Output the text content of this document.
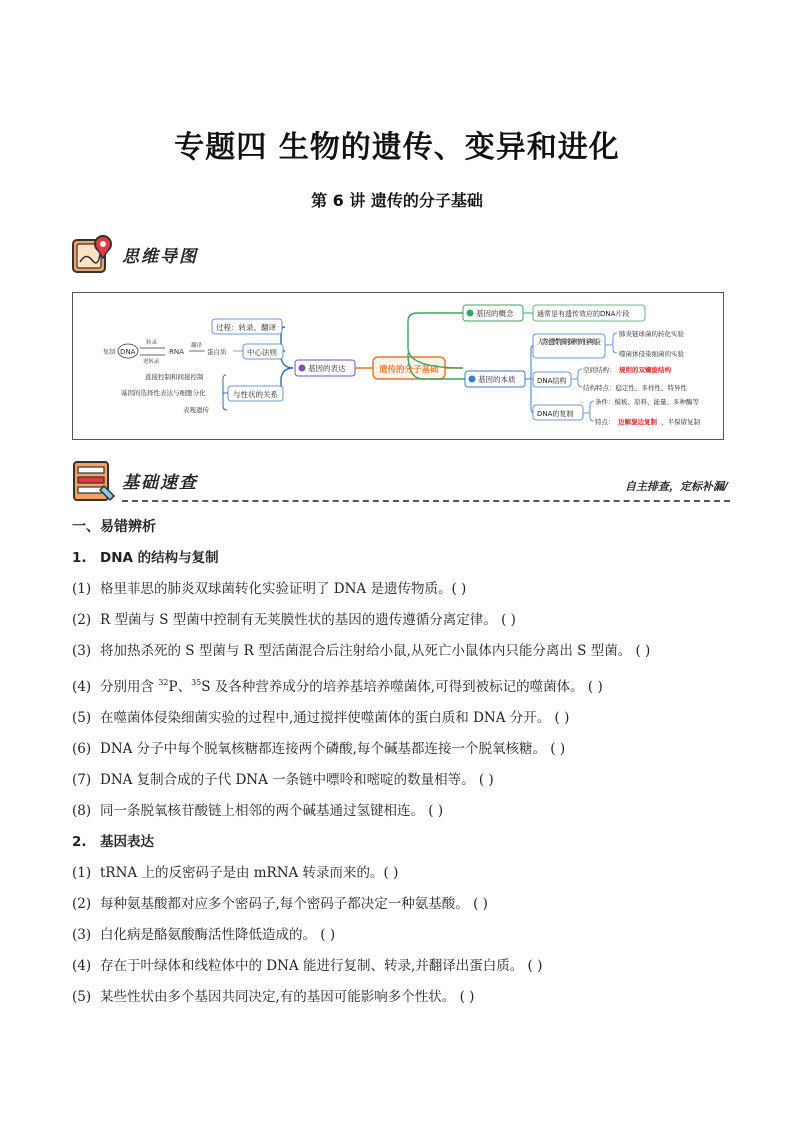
专题四 生物的遗传、变异和进化
第 6 讲 遗传的分子基础
思维导图
复制 DNA
转录
逆转录
RNA
翻译
蛋白质
过程：转录、翻译
中心法则
直接控制和间接控制
基因的选择性表达与细胞分化
表观遗传
与性状的关系
基因的表达	遗传的分子基础
基因的概念	通常是有遗传效应的DNA片段
基因的本质
人类对遗传物质的探索中的经典实验
肺炎链球菌的转化实验
噬菌体侵染细菌的实验
DNA结构
空间结构： 规则的双螺旋结构
结构特点：稳定性、多样性、特异性
DNA的复制
条件：模板、原料、能量、多种酶等
特点： 边解旋边复制 、半保留复制
基础速查	自主排查，定标补漏/
一、易错辨析
1. DNA 的结构与复制
(1) 格里菲思的肺炎双球菌转化实验证明了 DNA 是遗传物质。( )
(2) R 型菌与 S 型菌中控制有无荚膜性状的基因的遗传遵循分离定律。 ( )
(3) 将加热杀死的 S 型菌与 R 型活菌混合后注射给小鼠,从死亡小鼠体内只能分离出 S 型菌。 ( )
(4) 分别用含 $^{32}$P、$^{35}$S 及各种营养成分的培养基培养噬菌体,可得到被标记的噬菌体。 ( )
(5) 在噬菌体侵染细菌实验的过程中,通过搅拌使噬菌体的蛋白质和 DNA 分开。 ( )
(6) DNA 分子中每个脱氧核糖都连接两个磷酸,每个碱基都连接一个脱氧核糖。 ( )
(7) DNA 复制合成的子代 DNA 一条链中嘌呤和嘧啶的数量相等。 ( )
(8) 同一条脱氧核苷酸链上相邻的两个碱基通过氢键相连。 ( )
2. 基因表达
(1) tRNA 上的反密码子是由 mRNA 转录而来的。( )
(2) 每种氨基酸都对应多个密码子,每个密码子都决定一种氨基酸。 ( )
(3) 白化病是酪氨酸酶活性降低造成的。 ( )
(4) 存在于叶绿体和线粒体中的 DNA 能进行复制、转录,并翻译出蛋白质。 ( )
(5) 某些性状由多个基因共同决定,有的基因可能影响多个性状。 ( )
